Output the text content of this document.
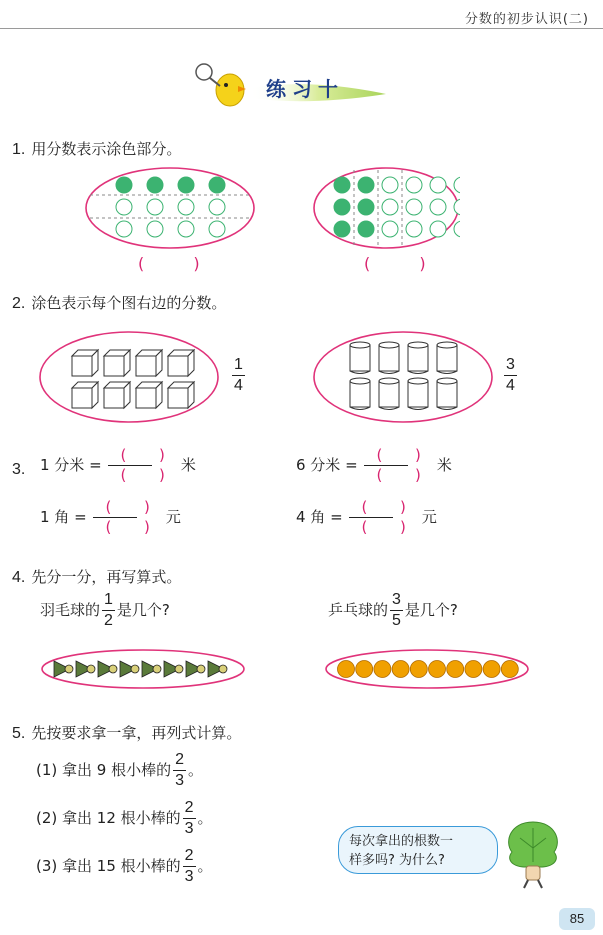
分数的初步认识(二)
练习十
1. 用分数表示涂色部分。
( )	( )
2. 涂色表示每个图右边的分数。
$\frac{1}{4}$	$\frac{3}{4}$
3. 1 分米 =
( )
( )
米	6 分米 =
( )
( )
米
1 角 =
( )
( )
元	4 角 =
( )
( )
元
4. 先分一分，再写算式。
羽毛球的 $\frac{1}{2}$ 是几个?	乒乓球的 $\frac{3}{5}$ 是几个?
5. 先按要求拿一拿，再列式计算。
(1) 拿出 9 根小棒的 $\frac{2}{3}$ 。
(2) 拿出 12 根小棒的 $\frac{2}{3}$ 。
(3) 拿出 15 根小棒的 $\frac{2}{3}$ 。
每次拿出的根数一
样多吗? 为什么?
85
